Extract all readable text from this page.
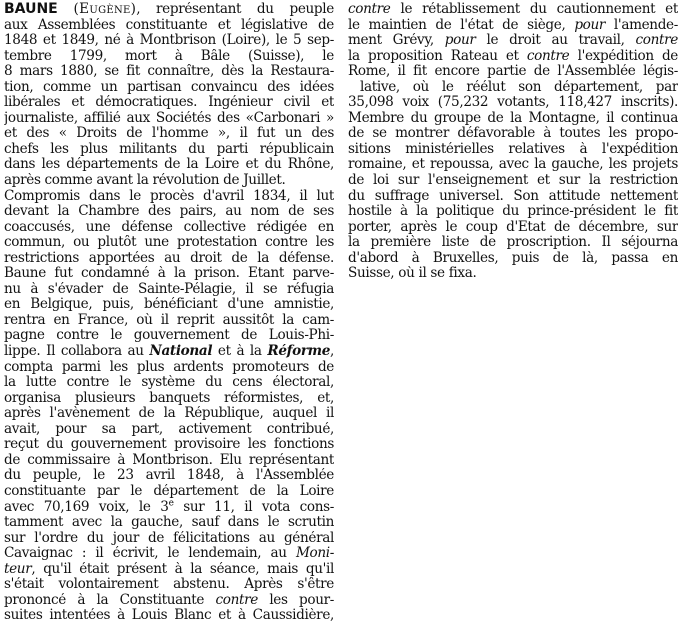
BAUNE (Eugène), représentant du peuple
aux Assemblées constituante et législative de
1848 et 1849, né à Montbrison (Loire), le 5 sep-
tembre 1799, mort à Bâle (Suisse), le
8 mars 1880, se fit connaître, dès la Restaura-
tion, comme un partisan convaincu des idées
libérales et démocratiques. Ingénieur civil et
journaliste, affilié aux Sociétés des «Carbonari »
et des « Droits de l'homme », il fut un des
chefs les plus militants du parti républicain
dans les départements de la Loire et du Rhône,
après comme avant la révolution de Juillet.
Compromis dans le procès d'avril 1834, il lut
devant la Chambre des pairs, au nom de ses
coaccusés, une défense collective rédigée en
commun, ou plutôt une protestation contre les
restrictions apportées au droit de la défense.
Baune fut condamné à la prison. Etant parve-
nu à s'évader de Sainte-Pélagie, il se réfugia
en Belgique, puis, bénéficiant d'une amnistie,
rentra en France, où il reprit aussitôt la cam-
pagne contre le gouvernement de Louis-Phi-
lippe. Il collabora au National et à la Réforme,
compta parmi les plus ardents promoteurs de
la lutte contre le système du cens électoral,
organisa plusieurs banquets réformistes, et,
après l'avènement de la République, auquel il
avait, pour sa part, activement contribué,
reçut du gouvernement provisoire les fonctions
de commissaire à Montbrison. Elu représentant
du peuple, le 23 avril 1848, à l'Assemblée
constituante par le département de la Loire
avec 70,169 voix, le 3e sur 11, il vota cons-
tamment avec la gauche, sauf dans le scrutin
sur l'ordre du jour de félicitations au général
Cavaignac : il écrivit, le lendemain, au Moni-
teur, qu'il était présent à la séance, mais qu'il
s'était volontairement abstenu. Après s'être
prononcé à la Constituante contre les pour-
suites intentées à Louis Blanc et à Caussidière,
contre le rétablissement du cautionnement et
le maintien de l'état de siège, pour l'amende-
ment Grévy, pour le droit au travail, contre
la proposition Rateau et contre l'expédition de
Rome, il fit encore partie de l'Assemblée légis-
lative, où le réélut son département, par
35,098 voix (75,232 votants, 118,427 inscrits).
Membre du groupe de la Montagne, il continua
de se montrer défavorable à toutes les propo-
sitions ministérielles relatives à l'expédition
romaine, et repoussa, avec la gauche, les projets
de loi sur l'enseignement et sur la restriction
du suffrage universel. Son attitude nettement
hostile à la politique du prince-président le fit
porter, après le coup d'Etat de décembre, sur
la première liste de proscription. Il séjourna
d'abord à Bruxelles, puis de là, passa en
Suisse, où il se fixa.
